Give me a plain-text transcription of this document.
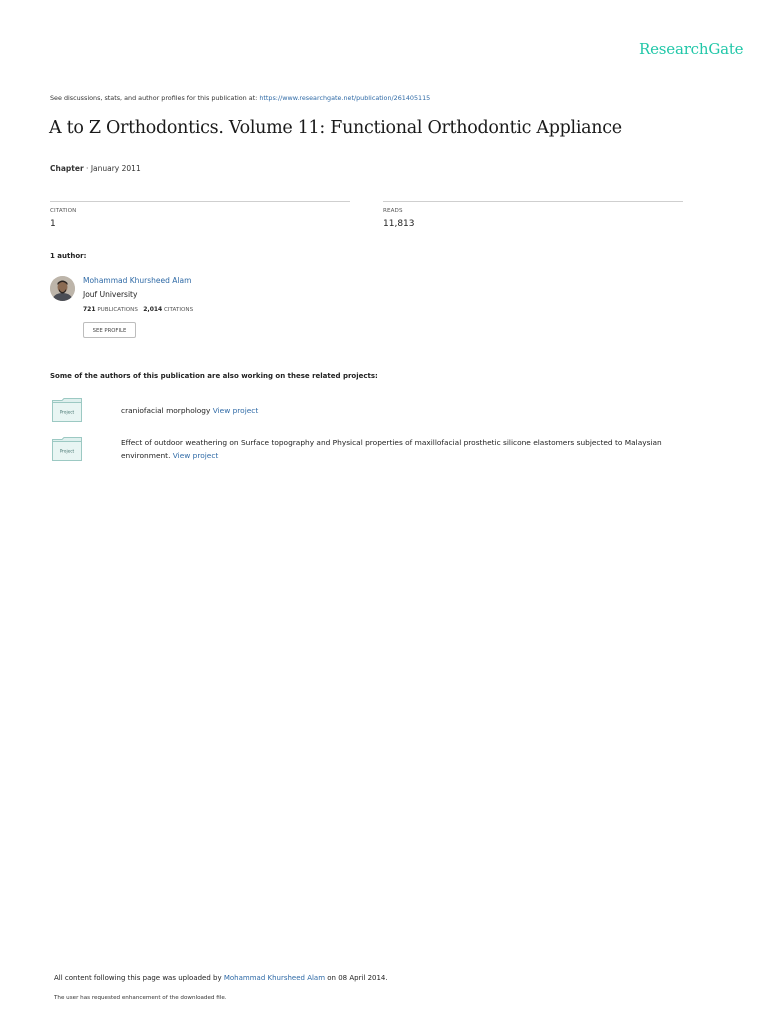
ResearchGate
See discussions, stats, and author profiles for this publication at: https://www.researchgate.net/publication/261405115
A to Z Orthodontics. Volume 11: Functional Orthodontic Appliance
Chapter · January 2011
CITATION
1
READS
11,813
1 author:
Mohammad Khursheed Alam
Jouf University
721 PUBLICATIONS 2,014 CITATIONS
SEE PROFILE
Some of the authors of this publication are also working on these related projects:
Project	craniofacial morphology View project
Project
Effect of outdoor weathering on Surface topography and Physical properties of maxillofacial prosthetic silicone elastomers subjected to Malaysian environment. View project
All content following this page was uploaded by Mohammad Khursheed Alam on 08 April 2014.
The user has requested enhancement of the downloaded file.
